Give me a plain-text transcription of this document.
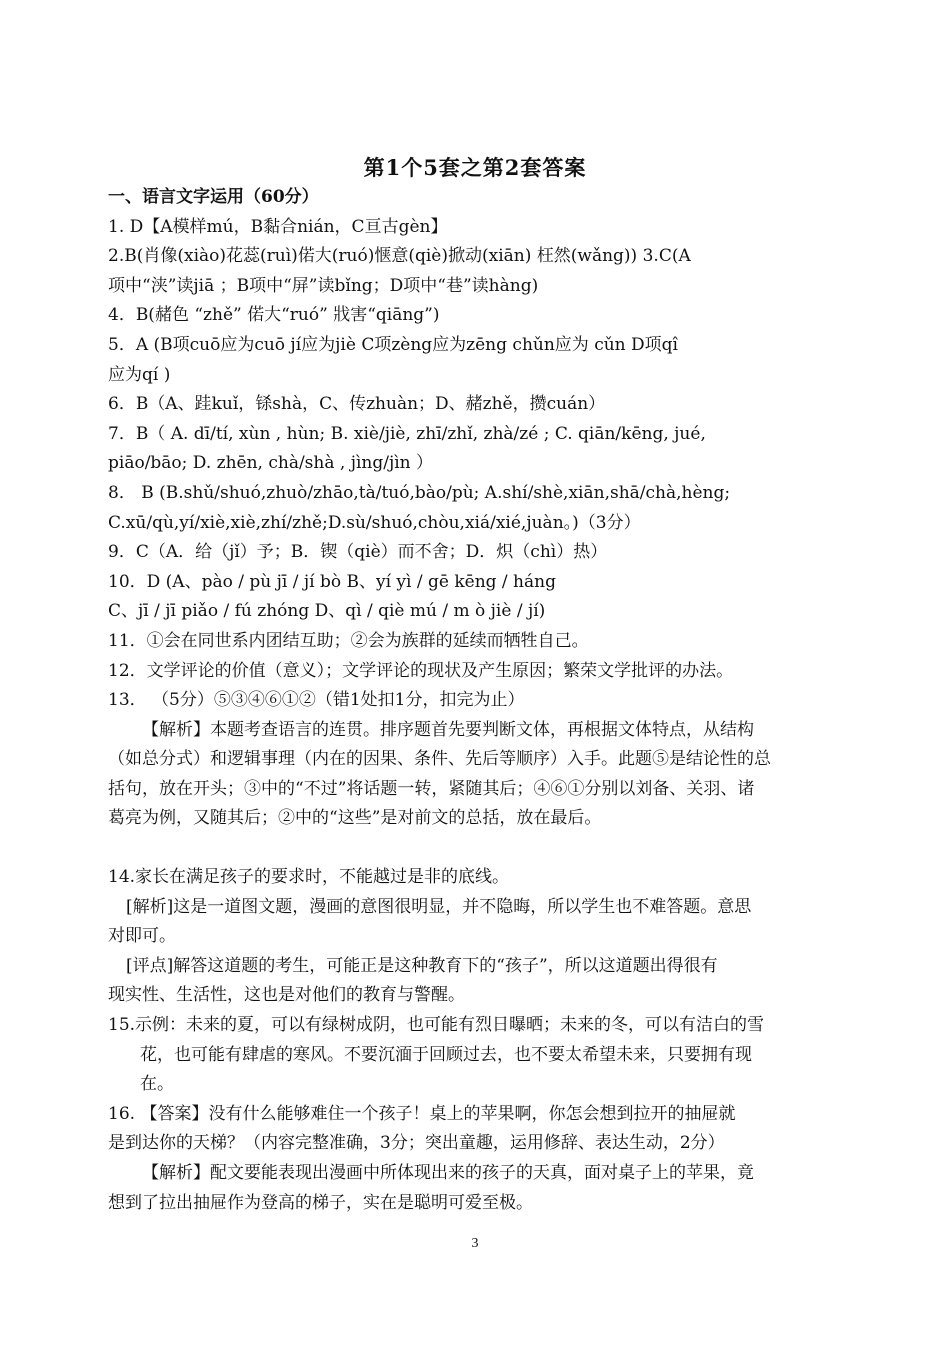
第1个5套之第2套答案
一、语言文字运用（60分）
1. D【A模样mú，B黏合nián，C亘古gèn】
2.B(肖像(xiào)花蕊(ruì)偌大(ruó)惬意(qiè)掀动(xiān) 枉然(wǎng)) 3.C(A
项中“浃”读jiā ；B项中“屏”读bǐng；D项中“巷”读hàng)
4．B(赭色 “zhě” 偌大“ruó” 戕害“qiāng”)
5．A (B项cuō应为cuō jí应为jiè C项zèng应为zēng chǔn应为 cǔn D项qî
应为qí )
6．B（A、跬kuǐ，铩shà，C、传zhuàn；D、赭zhě，攒cuán）
7．B（ A. dī/tí, xùn , hùn; B. xiè/jiè, zhī/zhǐ, zhà/zé ; C. qiān/kēng, jué,
piāo/bāo; D. zhēn, chà/shà , jìng/jìn ）
8． B (B.shǔ/shuó,zhuò/zhāo,tà/tuó,bào/pù; A.shí/shè,xiān,shā/chà,hèng;
C.xū/qù,yí/xiè,xiè,zhí/zhě;D.sù/shuó,chòu,xiá/xié,juàn。)（3分）
9．C（A．给（jǐ）予；B．锲（qiè）而不舍；D．炽（chì）热）
10．D (A、pào / pù jī / jí bò B、yí yì / gē kēng / háng
C、jī / jī piǎo / fú zhóng D、qì / qiè mú / m ò jiè / jí)
11．①会在同世系内团结互助；②会为族群的延续而牺牲自己。
12．文学评论的价值（意义）；文学评论的现状及产生原因；繁荣文学批评的办法。
13． （5分）⑤③④⑥①②（错1处扣1分，扣完为止）
【解析】本题考查语言的连贯。排序题首先要判断文体，再根据文体特点，从结构
（如总分式）和逻辑事理（内在的因果、条件、先后等顺序）入手。此题⑤是结论性的总
括句，放在开头；③中的“不过”将话题一转，紧随其后；④⑥①分别以刘备、关羽、诸
葛亮为例，又随其后；②中的“这些”是对前文的总括，放在最后。
14.家长在满足孩子的要求时，不能越过是非的底线。
[解析]这是一道图文题，漫画的意图很明显，并不隐晦，所以学生也不难答题。意思
对即可。
[评点]解答这道题的考生，可能正是这种教育下的“孩子”，所以这道题出得很有
现实性、生活性，这也是对他们的教育与警醒。
15.示例：未来的夏，可以有绿树成阴，也可能有烈日曝晒；未来的冬，可以有洁白的雪
花，也可能有肆虐的寒风。不要沉湎于回顾过去，也不要太希望未来，只要拥有现
在。
16. 【答案】没有什么能够难住一个孩子！桌上的苹果啊，你怎会想到拉开的抽屉就
是到达你的天梯？（内容完整准确，3分；突出童趣，运用修辞、表达生动，2分）
【解析】配文要能表现出漫画中所体现出来的孩子的天真，面对桌子上的苹果，竟
想到了拉出抽屉作为登高的梯子，实在是聪明可爱至极。
3
